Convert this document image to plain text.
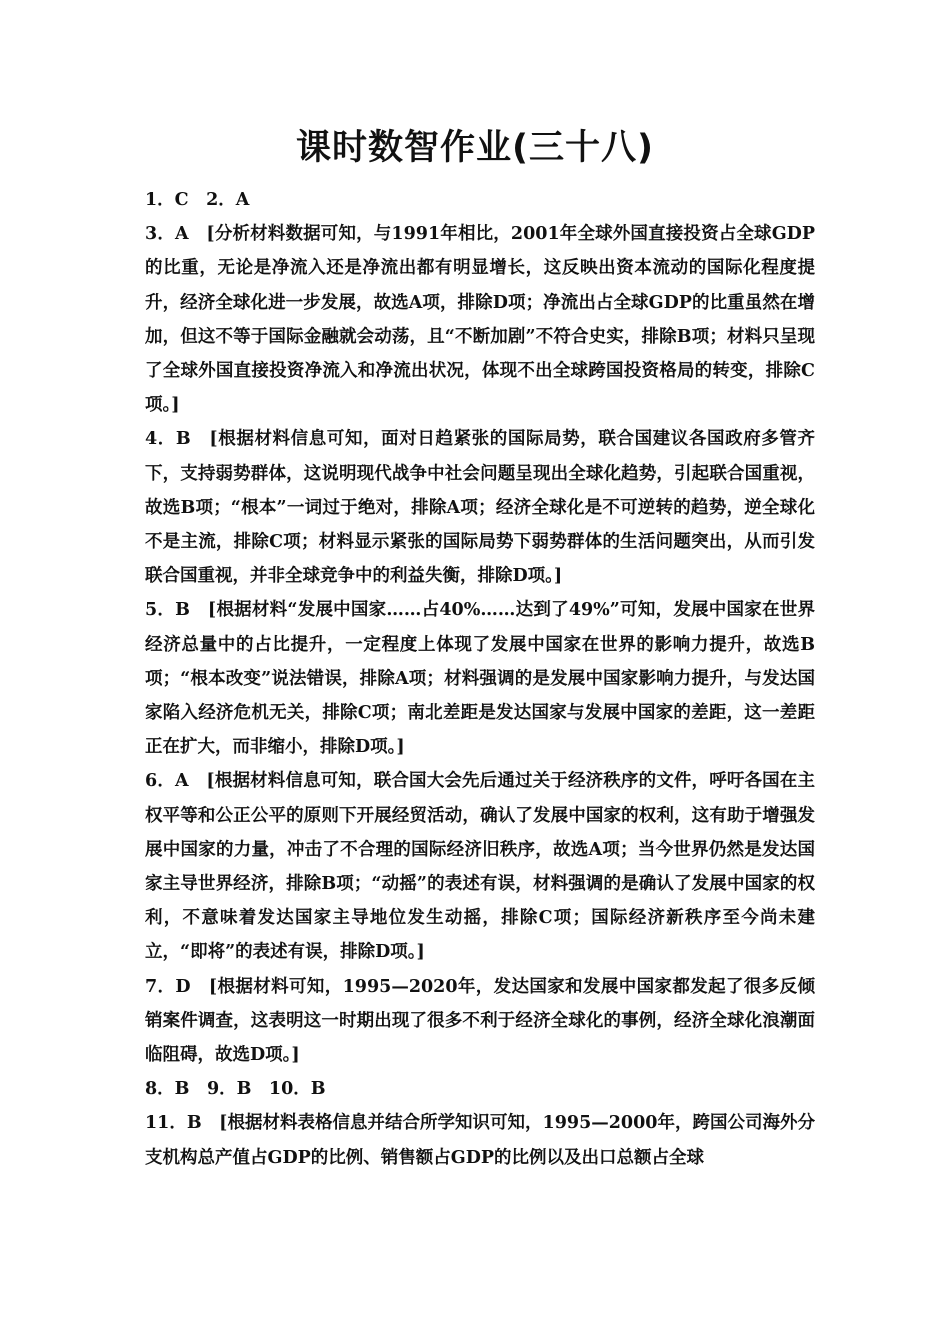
课时数智作业(三十八)

1．C　2．A

3．A　[分析材料数据可知，与1991年相比，2001年全球外国直接投资占全球GDP的比重，无论是净流入还是净流出都有明显增长，这反映出资本流动的国际化程度提升，经济全球化进一步发展，故选A项，排除D项；净流出占全球GDP的比重虽然在增加，但这不等于国际金融就会动荡，且“不断加剧”不符合史实，排除B项；材料只呈现了全球外国直接投资净流入和净流出状况，体现不出全球跨国投资格局的转变，排除C项。]

4．B　[根据材料信息可知，面对日趋紧张的国际局势，联合国建议各国政府多管齐下，支持弱势群体，这说明现代战争中社会问题呈现出全球化趋势，引起联合国重视，故选B项；“根本”一词过于绝对，排除A项；经济全球化是不可逆转的趋势，逆全球化不是主流，排除C项；材料显示紧张的国际局势下弱势群体的生活问题突出，从而引发联合国重视，并非全球竞争中的利益失衡，排除D项。]

5．B　[根据材料“发展中国家……占40%……达到了49%”可知，发展中国家在世界经济总量中的占比提升，一定程度上体现了发展中国家在世界的影响力提升，故选B项；“根本改变”说法错误，排除A项；材料强调的是发展中国家影响力提升，与发达国家陷入经济危机无关，排除C项；南北差距是发达国家与发展中国家的差距，这一差距正在扩大，而非缩小，排除D项。]

6．A　[根据材料信息可知，联合国大会先后通过关于经济秩序的文件，呼吁各国在主权平等和公正公平的原则下开展经贸活动，确认了发展中国家的权利，这有助于增强发展中国家的力量，冲击了不合理的国际经济旧秩序，故选A项；当今世界仍然是发达国家主导世界经济，排除B项；“动摇”的表述有误，材料强调的是确认了发展中国家的权利，不意味着发达国家主导地位发生动摇，排除C项；国际经济新秩序至今尚未建立，“即将”的表述有误，排除D项。]

7．D　[根据材料可知，1995—2020年，发达国家和发展中国家都发起了很多反倾销案件调查，这表明这一时期出现了很多不利于经济全球化的事例，经济全球化浪潮面临阻碍，故选D项。]

8．B　9．B　10．B

11．B　[根据材料表格信息并结合所学知识可知，1995—2000年，跨国公司海外分支机构总产值占GDP的比例、销售额占GDP的比例以及出口总额占全球
